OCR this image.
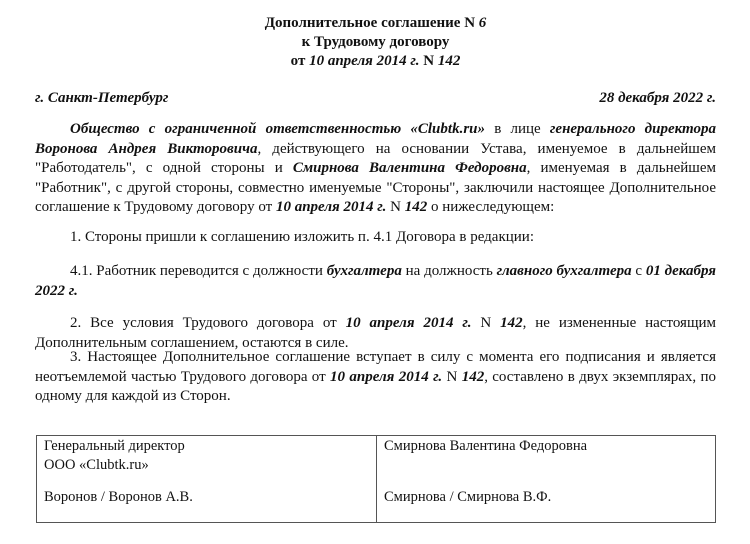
Дополнительное соглашение N 6
к Трудовому договору
от 10 апреля 2014 г. N 142
г. Санкт-Петербург	28 декабря 2022 г.
Общество с ограниченной ответственностью «Clubtk.ru» в лице генерального директора Воронова Андрея Викторовича, действующего на основании Устава, именуемое в дальнейшем "Работодатель", с одной стороны и Смирнова Валентина Федоровна, именуемая в дальнейшем "Работник", с другой стороны, совместно именуемые "Стороны", заключили настоящее Дополнительное соглашение к Трудовому договору от 10 апреля 2014 г. N 142 о нижеследующем:
1. Стороны пришли к соглашению изложить п. 4.1 Договора в редакции:
4.1. Работник переводится с должности бухгалтера на должность главного бухгалтера с 01 декабря 2022 г.
2. Все условия Трудового договора от 10 апреля 2014 г. N 142, не измененные настоящим Дополнительным соглашением, остаются в силе.
3. Настоящее Дополнительное соглашение вступает в силу с момента его подписания и является неотъемлемой частью Трудового договора от 10 апреля 2014 г. N 142, составлено в двух экземплярах, по одному для каждой из Сторон.
Генеральный директор
ООО «Clubtk.ru»
Воронов / Воронов А.В.
Смирнова Валентина Федоровна
Смирнова / Смирнова В.Ф.
